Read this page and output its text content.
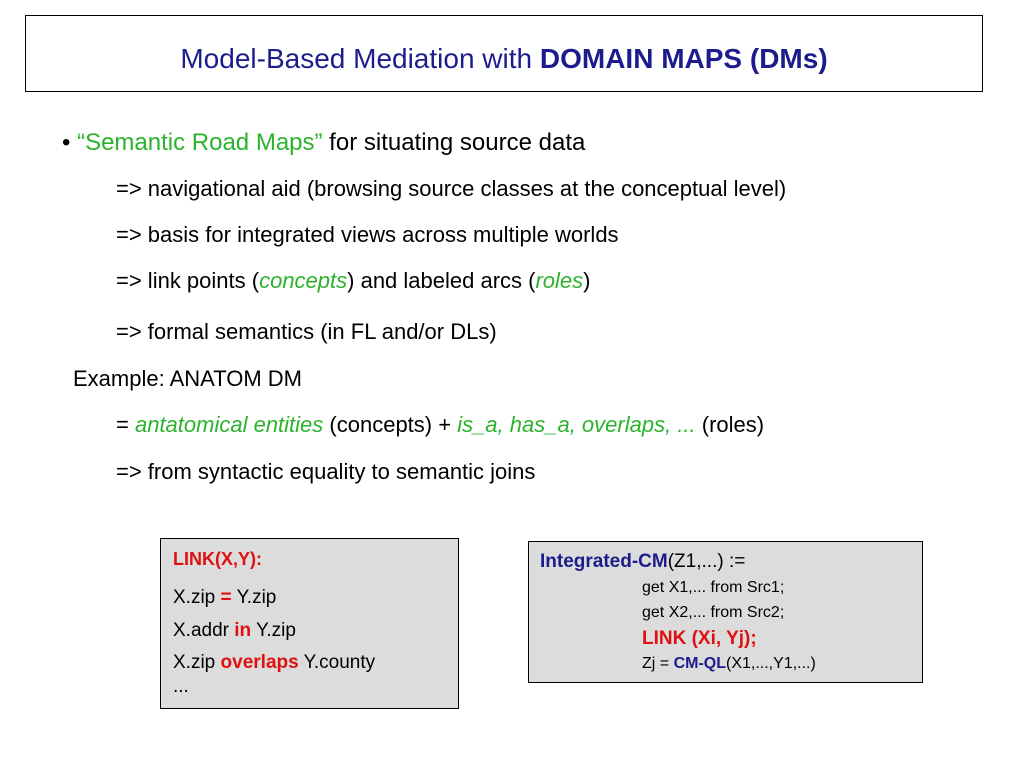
Model-Based Mediation with DOMAIN MAPS (DMs)
• “Semantic Road Maps” for situating source data
=> navigational aid (browsing source classes at the conceptual level)
=> basis for integrated views across multiple worlds
=> link points (concepts) and labeled arcs (roles)
=> formal semantics (in FL and/or DLs)
Example: ANATOM DM
= antatomical entities (concepts) + is_a, has_a, overlaps, ... (roles)
=> from syntactic equality to semantic joins
LINK(X,Y):
X.zip = Y.zip
X.addr in Y.zip
X.zip overlaps Y.county
...
Integrated-CM(Z1,...) :=
get X1,... from Src1;
get X2,... from Src2;
LINK (Xi, Yj);
Zj = CM-QL(X1,...,Y1,...)
